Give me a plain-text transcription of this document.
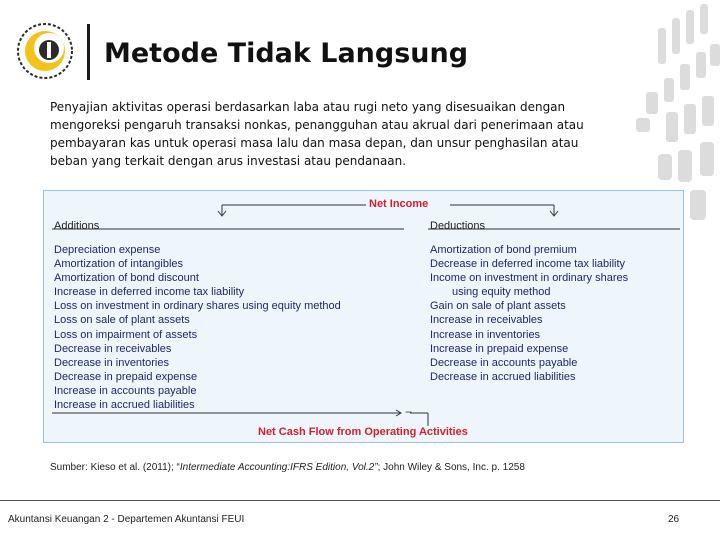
Metode Tidak Langsung

Penyajian aktivitas operasi berdasarkan laba atau rugi neto yang disesuaikan dengan mengoreksi pengaruh transaksi nonkas, penangguhan atau akrual dari penerimaan atau pembayaran kas untuk operasi masa lalu dan masa depan, dan unsur penghasilan atau beban yang terkait dengan arus investasi atau pendanaan.

Net Income
−
Net Cash Flow from Operating Activities
Additions
Depreciation expense
Amortization of intangibles
Amortization of bond discount
Increase in deferred income tax liability
Loss on investment in ordinary shares using equity method
Loss on sale of plant assets
Loss on impairment of assets
Decrease in receivables
Decrease in inventories
Decrease in prepaid expense
Increase in accounts payable
Increase in accrued liabilities
Deductions
Amortization of bond premium
Decrease in deferred income tax liability
Income on investment in ordinary shares
using equity method
Gain on sale of plant assets
Increase in receivables
Increase in inventories
Increase in prepaid expense
Decrease in accounts payable
Decrease in accrued liabilities

Sumber: Kieso et al. (2011); “Intermediate Accounting:IFRS Edition, Vol.2”; John Wiley & Sons, Inc. p. 1258

Akuntansi Keuangan 2 - Departemen Akuntansi FEUI	26
